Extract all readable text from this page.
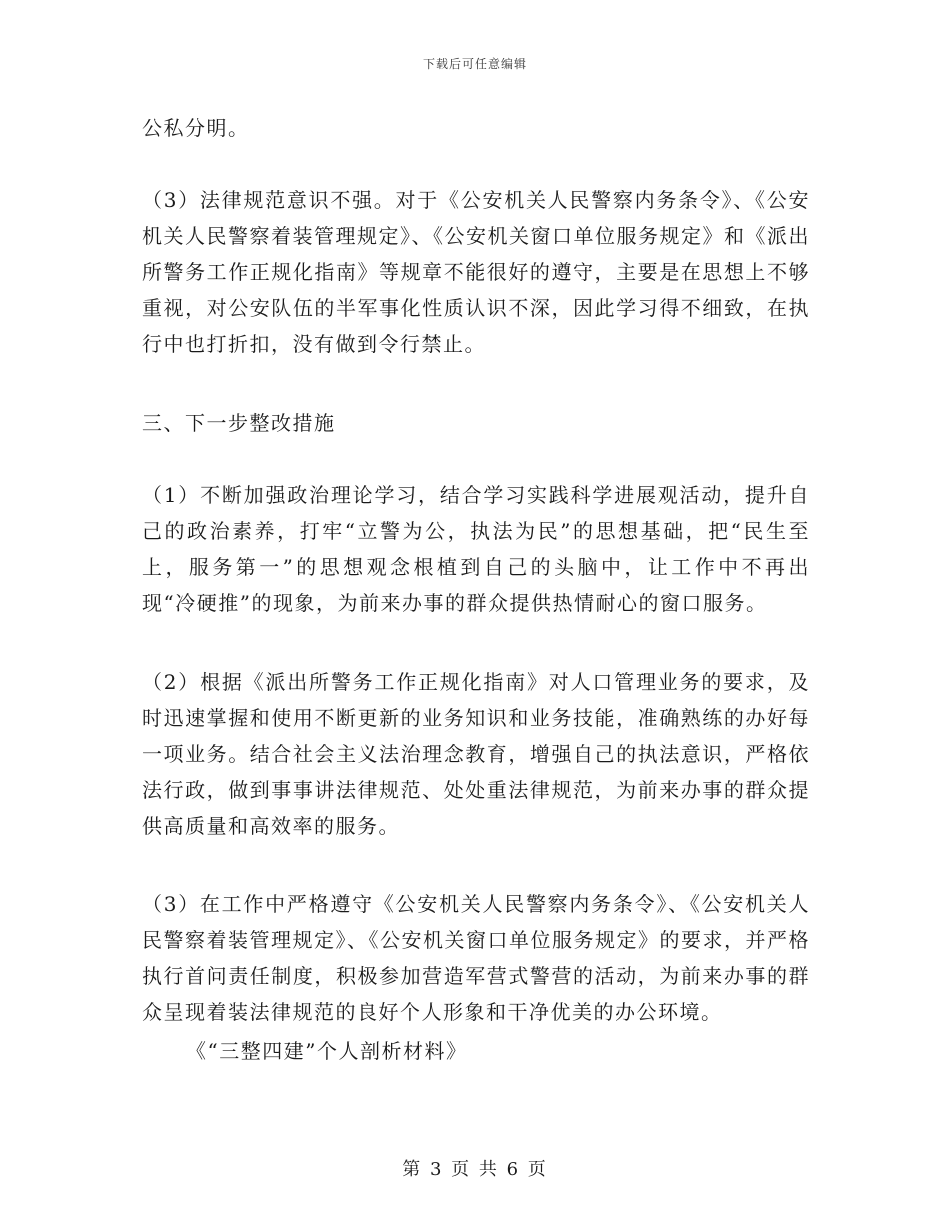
下载后可任意编辑

公私分明。

（3）法律规范意识不强。对于《公安机关人民警察内务条令》、《公安机关人民警察着装管理规定》、《公安机关窗口单位服务规定》和《派出所警务工作正规化指南》等规章不能很好的遵守，主要是在思想上不够重视，对公安队伍的半军事化性质认识不深，因此学习得不细致，在执行中也打折扣，没有做到令行禁止。

三、下一步整改措施

（1）不断加强政治理论学习，结合学习实践科学进展观活动，提升自己的政治素养，打牢“立警为公，执法为民”的思想基础，把“民生至上，服务第一”的思想观念根植到自己的头脑中，让工作中不再出现“冷硬推”的现象，为前来办事的群众提供热情耐心的窗口服务。

（2）根据《派出所警务工作正规化指南》对人口管理业务的要求，及时迅速掌握和使用不断更新的业务知识和业务技能，准确熟练的办好每一项业务。结合社会主义法治理念教育，增强自己的执法意识，严格依法行政，做到事事讲法律规范、处处重法律规范，为前来办事的群众提供高质量和高效率的服务。

（3）在工作中严格遵守《公安机关人民警察内务条令》、《公安机关人民警察着装管理规定》、《公安机关窗口单位服务规定》的要求，并严格执行首问责任制度，积极参加营造军营式警营的活动，为前来办事的群众呈现着装法律规范的良好个人形象和干净优美的办公环境。

《“三整四建”个人剖析材料》

第 3 页 共 6 页
